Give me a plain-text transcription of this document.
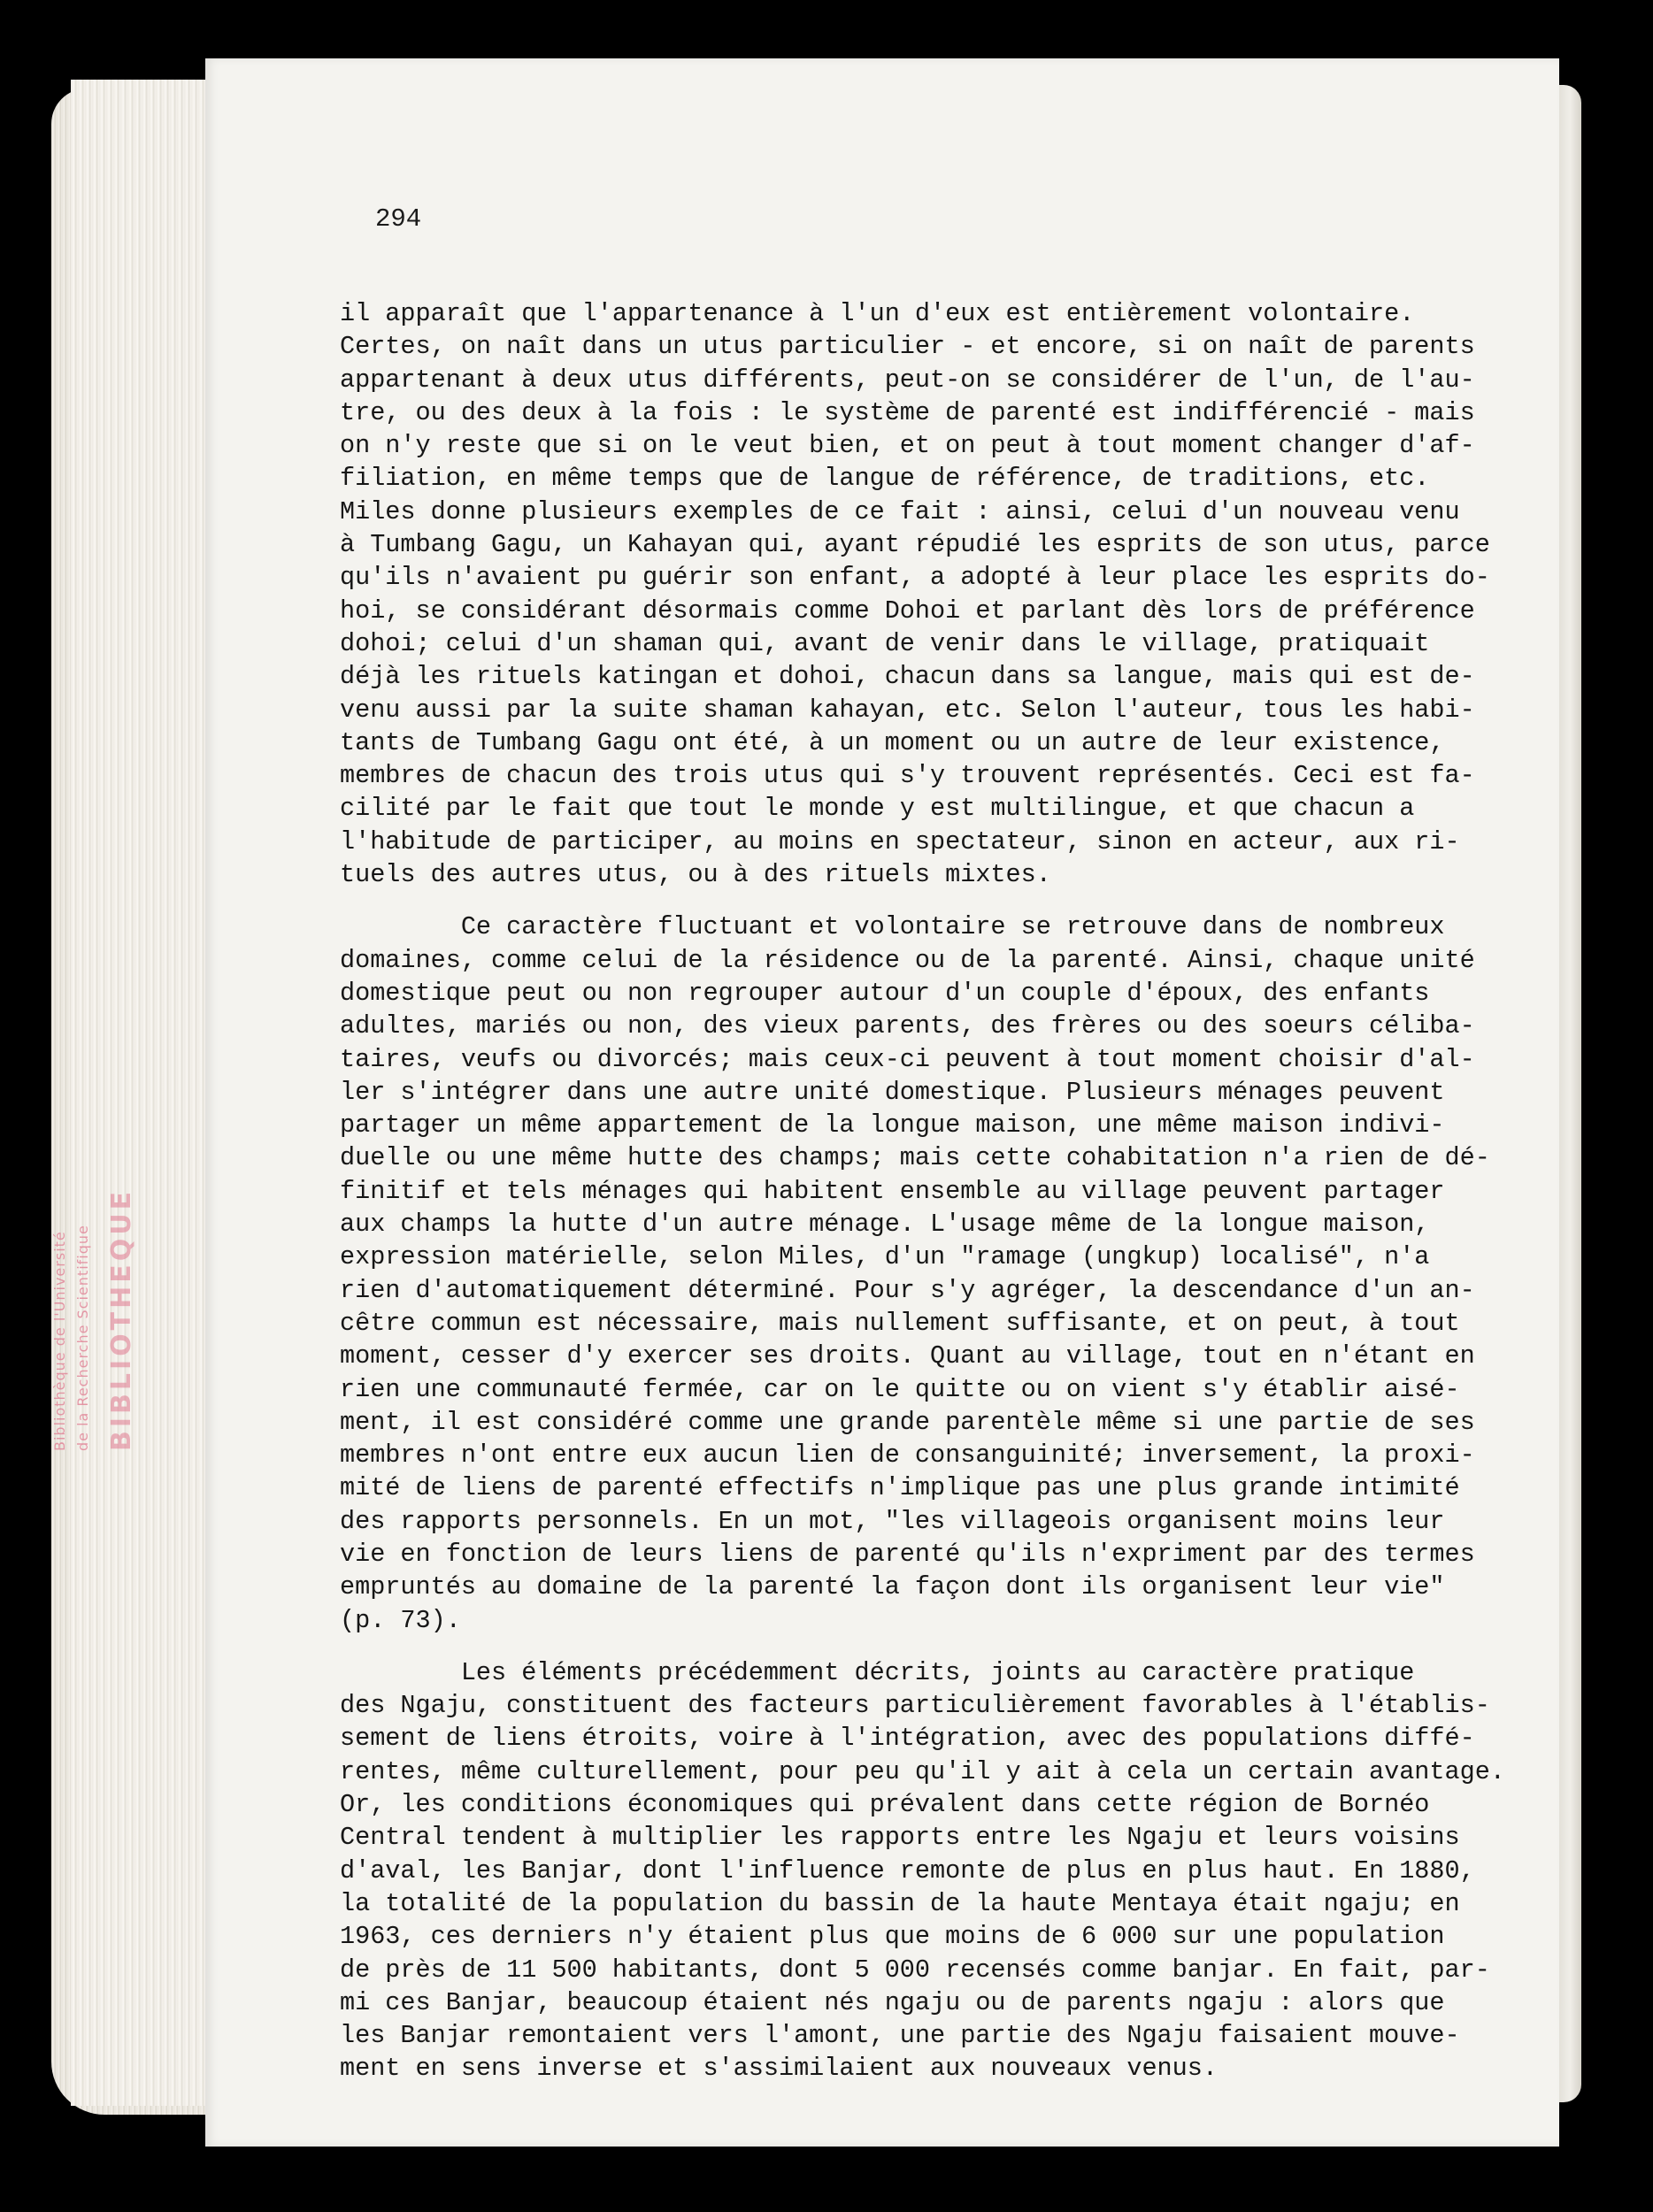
Bibliothèque de l'Université de la Recherche Scientifique BIBLIOTHEQUE

294

il apparaît que l'appartenance à l'un d'eux est entièrement volontaire.
Certes, on naît dans un utus particulier - et encore, si on naît de parents
appartenant à deux utus différents, peut-on se considérer de l'un, de l'au-
tre, ou des deux à la fois : le système de parenté est indifférencié - mais
on n'y reste que si on le veut bien, et on peut à tout moment changer d'af-
filiation, en même temps que de langue de référence, de traditions, etc.
Miles donne plusieurs exemples de ce fait : ainsi, celui d'un nouveau venu
à Tumbang Gagu, un Kahayan qui, ayant répudié les esprits de son utus, parce
qu'ils n'avaient pu guérir son enfant, a adopté à leur place les esprits do-
hoi, se considérant désormais comme Dohoi et parlant dès lors de préférence
dohoi; celui d'un shaman qui, avant de venir dans le village, pratiquait
déjà les rituels katingan et dohoi, chacun dans sa langue, mais qui est de-
venu aussi par la suite shaman kahayan, etc. Selon l'auteur, tous les habi-
tants de Tumbang Gagu ont été, à un moment ou un autre de leur existence,
membres de chacun des trois utus qui s'y trouvent représentés. Ceci est fa-
cilité par le fait que tout le monde y est multilingue, et que chacun a
l'habitude de participer, au moins en spectateur, sinon en acteur, aux ri-
tuels des autres utus, ou à des rituels mixtes.

Ce caractère fluctuant et volontaire se retrouve dans de nombreux
domaines, comme celui de la résidence ou de la parenté. Ainsi, chaque unité
domestique peut ou non regrouper autour d'un couple d'époux, des enfants
adultes, mariés ou non, des vieux parents, des frères ou des soeurs céliba-
taires, veufs ou divorcés; mais ceux-ci peuvent à tout moment choisir d'al-
ler s'intégrer dans une autre unité domestique. Plusieurs ménages peuvent
partager un même appartement de la longue maison, une même maison indivi-
duelle ou une même hutte des champs; mais cette cohabitation n'a rien de dé-
finitif et tels ménages qui habitent ensemble au village peuvent partager
aux champs la hutte d'un autre ménage. L'usage même de la longue maison,
expression matérielle, selon Miles, d'un "ramage (ungkup) localisé", n'a
rien d'automatiquement déterminé. Pour s'y agréger, la descendance d'un an-
cêtre commun est nécessaire, mais nullement suffisante, et on peut, à tout
moment, cesser d'y exercer ses droits. Quant au village, tout en n'étant en
rien une communauté fermée, car on le quitte ou on vient s'y établir aisé-
ment, il est considéré comme une grande parentèle même si une partie de ses
membres n'ont entre eux aucun lien de consanguinité; inversement, la proxi-
mité de liens de parenté effectifs n'implique pas une plus grande intimité
des rapports personnels. En un mot, "les villageois organisent moins leur
vie en fonction de leurs liens de parenté qu'ils n'expriment par des termes
empruntés au domaine de la parenté la façon dont ils organisent leur vie"
(p. 73).

Les éléments précédemment décrits, joints au caractère pratique
des Ngaju, constituent des facteurs particulièrement favorables à l'établis-
sement de liens étroits, voire à l'intégration, avec des populations diffé-
rentes, même culturellement, pour peu qu'il y ait à cela un certain avantage.
Or, les conditions économiques qui prévalent dans cette région de Bornéo
Central tendent à multiplier les rapports entre les Ngaju et leurs voisins
d'aval, les Banjar, dont l'influence remonte de plus en plus haut. En 1880,
la totalité de la population du bassin de la haute Mentaya était ngaju; en
1963, ces derniers n'y étaient plus que moins de 6 000 sur une population
de près de 11 500 habitants, dont 5 000 recensés comme banjar. En fait, par-
mi ces Banjar, beaucoup étaient nés ngaju ou de parents ngaju : alors que
les Banjar remontaient vers l'amont, une partie des Ngaju faisaient mouve-
ment en sens inverse et s'assimilaient aux nouveaux venus.
